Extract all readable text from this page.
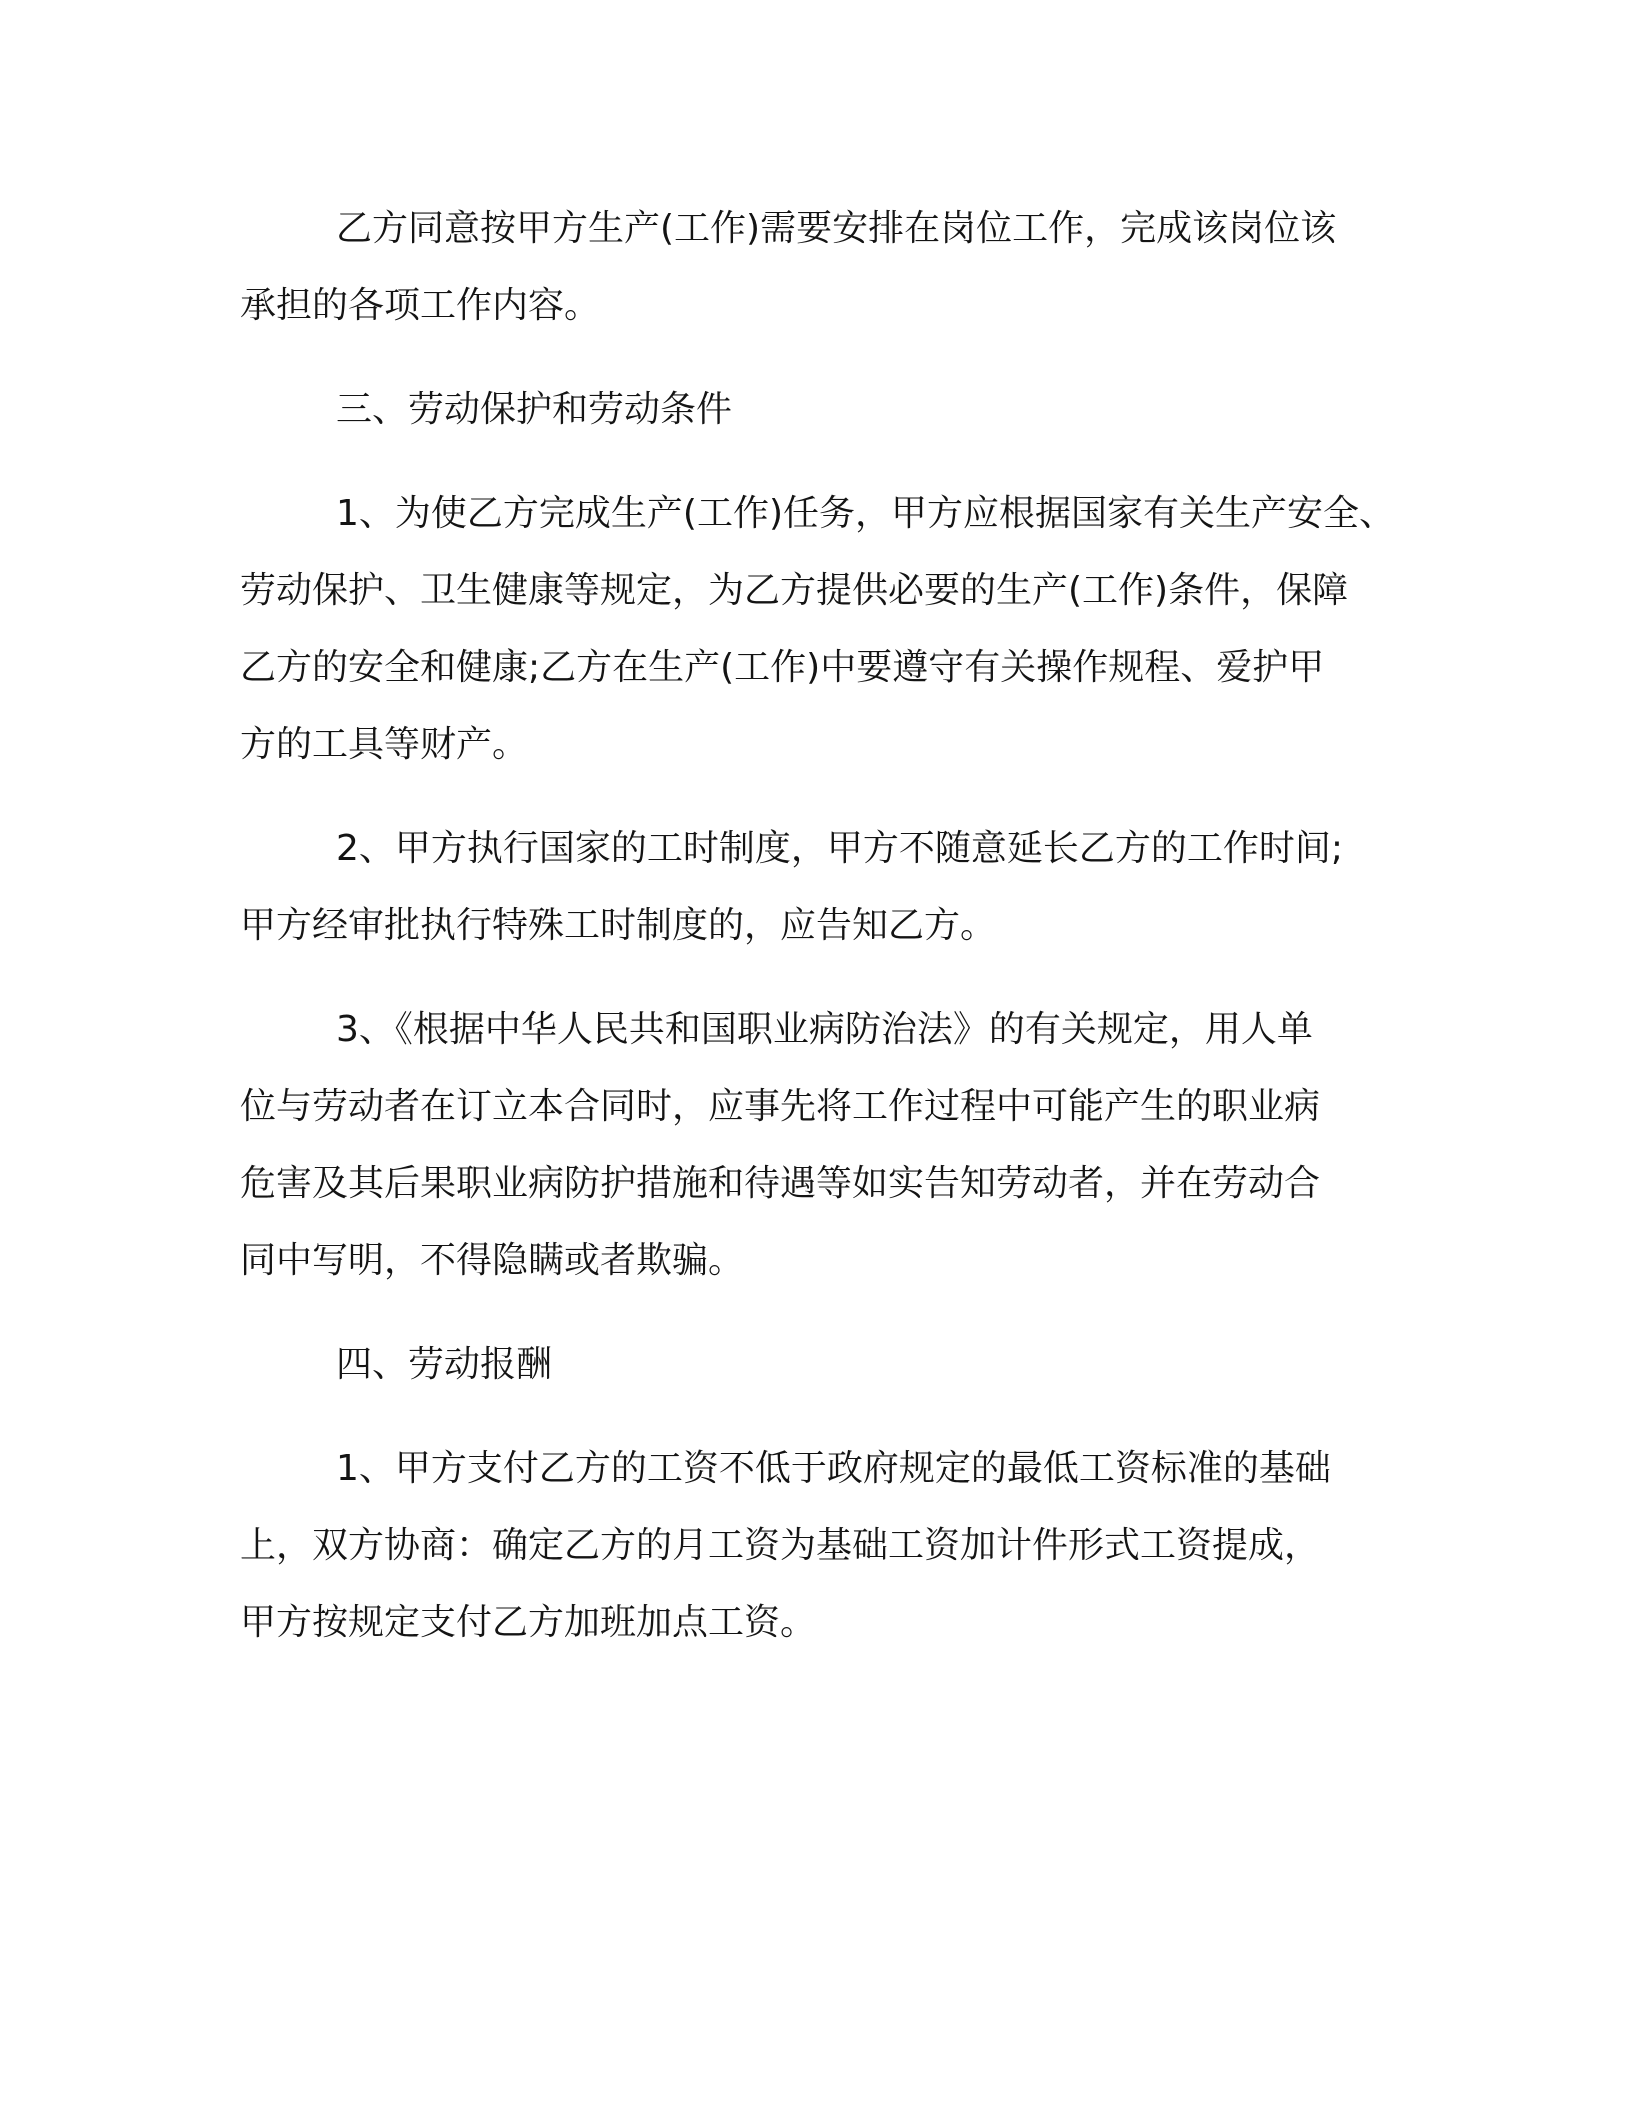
乙方同意按甲方生产(工作)需要安排在岗位工作，完成该岗位该
承担的各项工作内容。

三、劳动保护和劳动条件

1、为使乙方完成生产(工作)任务，甲方应根据国家有关生产安全、
劳动保护、卫生健康等规定，为乙方提供必要的生产(工作)条件，保障
乙方的安全和健康;乙方在生产(工作)中要遵守有关操作规程、爱护甲
方的工具等财产。

2、甲方执行国家的工时制度，甲方不随意延长乙方的工作时间;
甲方经审批执行特殊工时制度的，应告知乙方。

3、《根据中华人民共和国职业病防治法》的有关规定，用人单
位与劳动者在订立本合同时，应事先将工作过程中可能产生的职业病
危害及其后果职业病防护措施和待遇等如实告知劳动者，并在劳动合
同中写明，不得隐瞒或者欺骗。

四、劳动报酬

1、甲方支付乙方的工资不低于政府规定的最低工资标准的基础
上，双方协商：确定乙方的月工资为基础工资加计件形式工资提成，
甲方按规定支付乙方加班加点工资。
